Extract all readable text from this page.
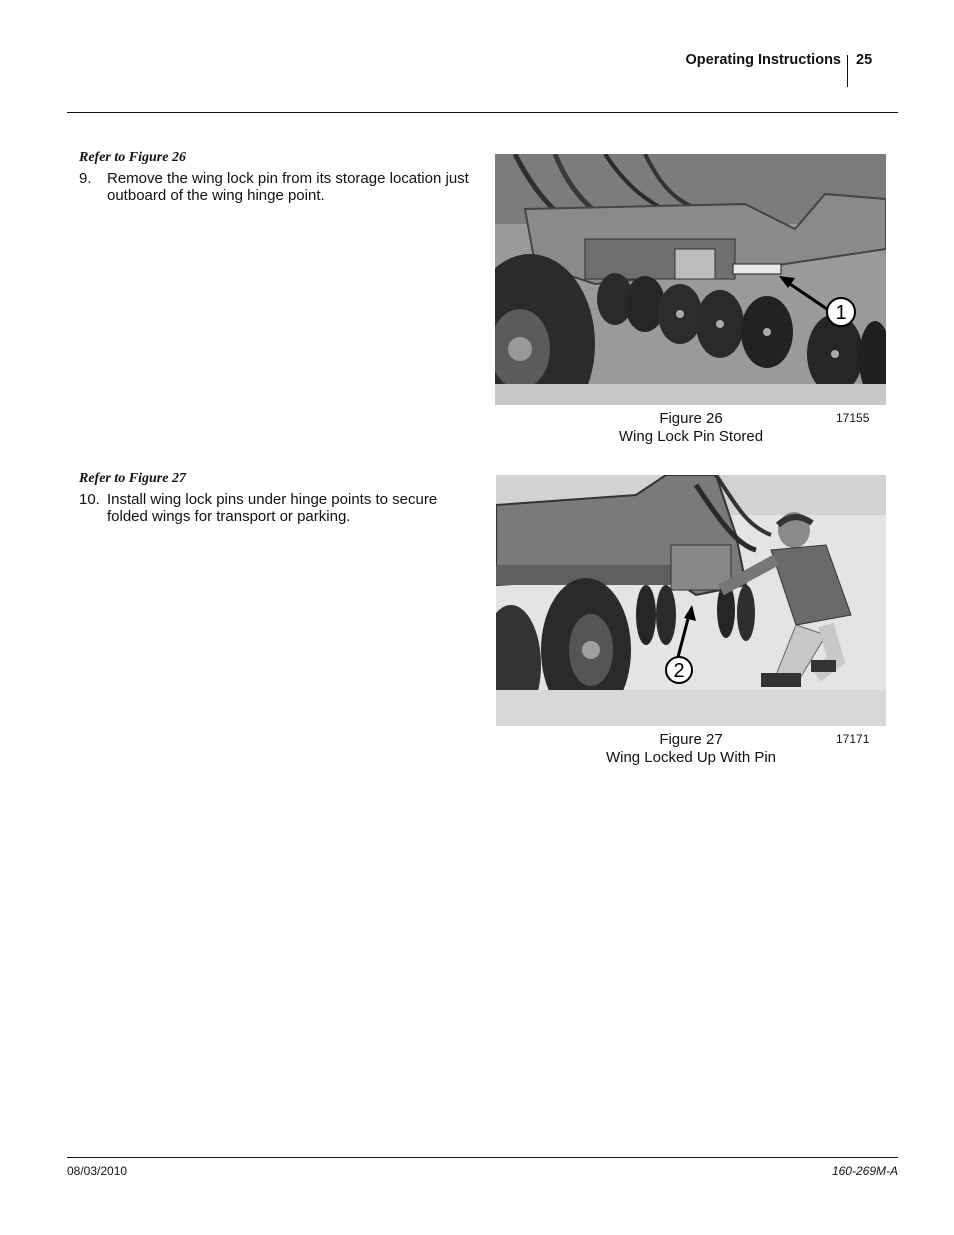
Operating Instructions 25
Refer to Figure 26
9. Remove the wing lock pin from its storage location just outboard of the wing hinge point.
1
Figure 26
Wing Lock Pin Stored
17155
Refer to Figure 27
10. Install wing lock pins under hinge points to secure folded wings for transport or parking.
2
Figure 27
Wing Locked Up With Pin
17171
08/03/2010	160-269M-A
